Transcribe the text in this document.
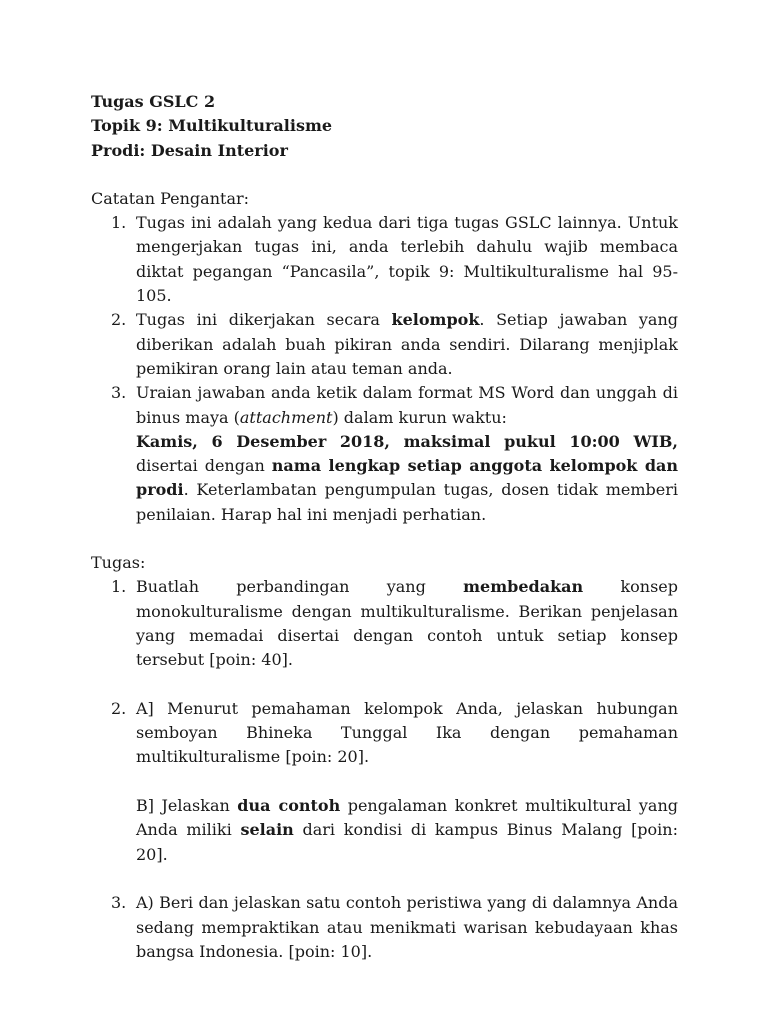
Tugas GSLC 2
Topik 9: Multikulturalisme
Prodi: Desain Interior
Catatan Pengantar:
1. Tugas ini adalah yang kedua dari tiga tugas GSLC lainnya. Untuk mengerjakan tugas ini, anda terlebih dahulu wajib membaca diktat pegangan “Pancasila”, topik 9: Multikulturalisme hal 95-105.

2. Tugas ini dikerjakan secara kelompok. Setiap jawaban yang diberikan adalah buah pikiran anda sendiri. Dilarang menjiplak pemikiran orang lain atau teman anda.

3. Uraian jawaban anda ketik dalam format MS Word dan unggah di binus maya (attachment) dalam kurun waktu:

Kamis, 6 Desember 2018, maksimal pukul 10:00 WIB, disertai dengan nama lengkap setiap anggota kelompok dan prodi. Keterlambatan pengumpulan tugas, dosen tidak memberi penilaian. Harap hal ini menjadi perhatian.

Tugas:
1. Buatlah perbandingan yang membedakan konsep monokulturalisme dengan multikulturalisme. Berikan penjelasan yang memadai disertai dengan contoh untuk setiap konsep tersebut [poin: 40].

2. A] Menurut pemahaman kelompok Anda, jelaskan hubungan semboyan Bhineka Tunggal Ika dengan pemahaman multikulturalisme [poin: 20].

B] Jelaskan dua contoh pengalaman konkret multikultural yang Anda miliki selain dari kondisi di kampus Binus Malang [poin: 20].

3. A) Beri dan jelaskan satu contoh peristiwa yang di dalamnya Anda sedang mempraktikan atau menikmati warisan kebudayaan khas bangsa Indonesia. [poin: 10].
